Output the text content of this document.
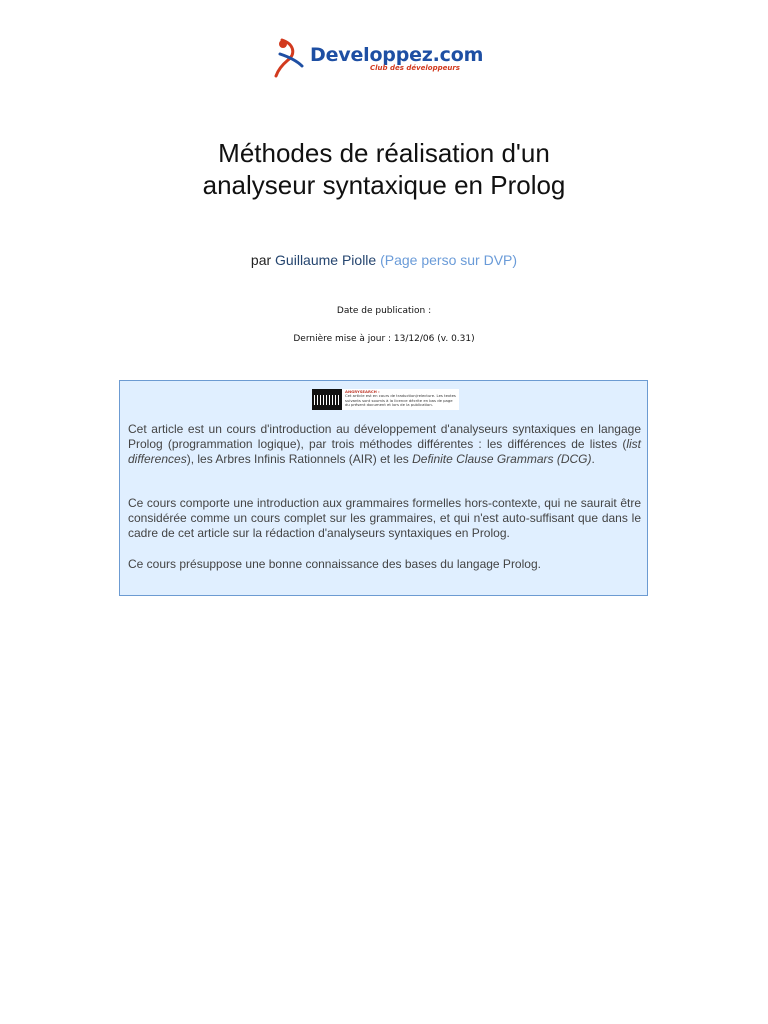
Developpez.com
Club des développeurs
Méthodes de réalisation d'un
analyseur syntaxique en Prolog
par Guillaume Piolle (Page perso sur DVP)
Date de publication :
Dernière mise à jour : 13/12/06 (v. 0.31)
ANGRYSEARCH :
Cet article est en cours de traduction/relecture. Les textes suivants sont soumis à la licence décrite en bas de page du présent document et lors de la publication.

Cet article est un cours d'introduction au développement d'analyseurs syntaxiques en langage Prolog (programmation logique), par trois méthodes différentes : les différences de listes (list differences), les Arbres Infinis Rationnels (AIR) et les Definite Clause Grammars (DCG).

Ce cours comporte une introduction aux grammaires formelles hors-contexte, qui ne saurait être considérée comme un cours complet sur les grammaires, et qui n'est auto-suffisant que dans le cadre de cet article sur la rédaction d'analyseurs syntaxiques en Prolog.

Ce cours présuppose une bonne connaissance des bases du langage Prolog.
